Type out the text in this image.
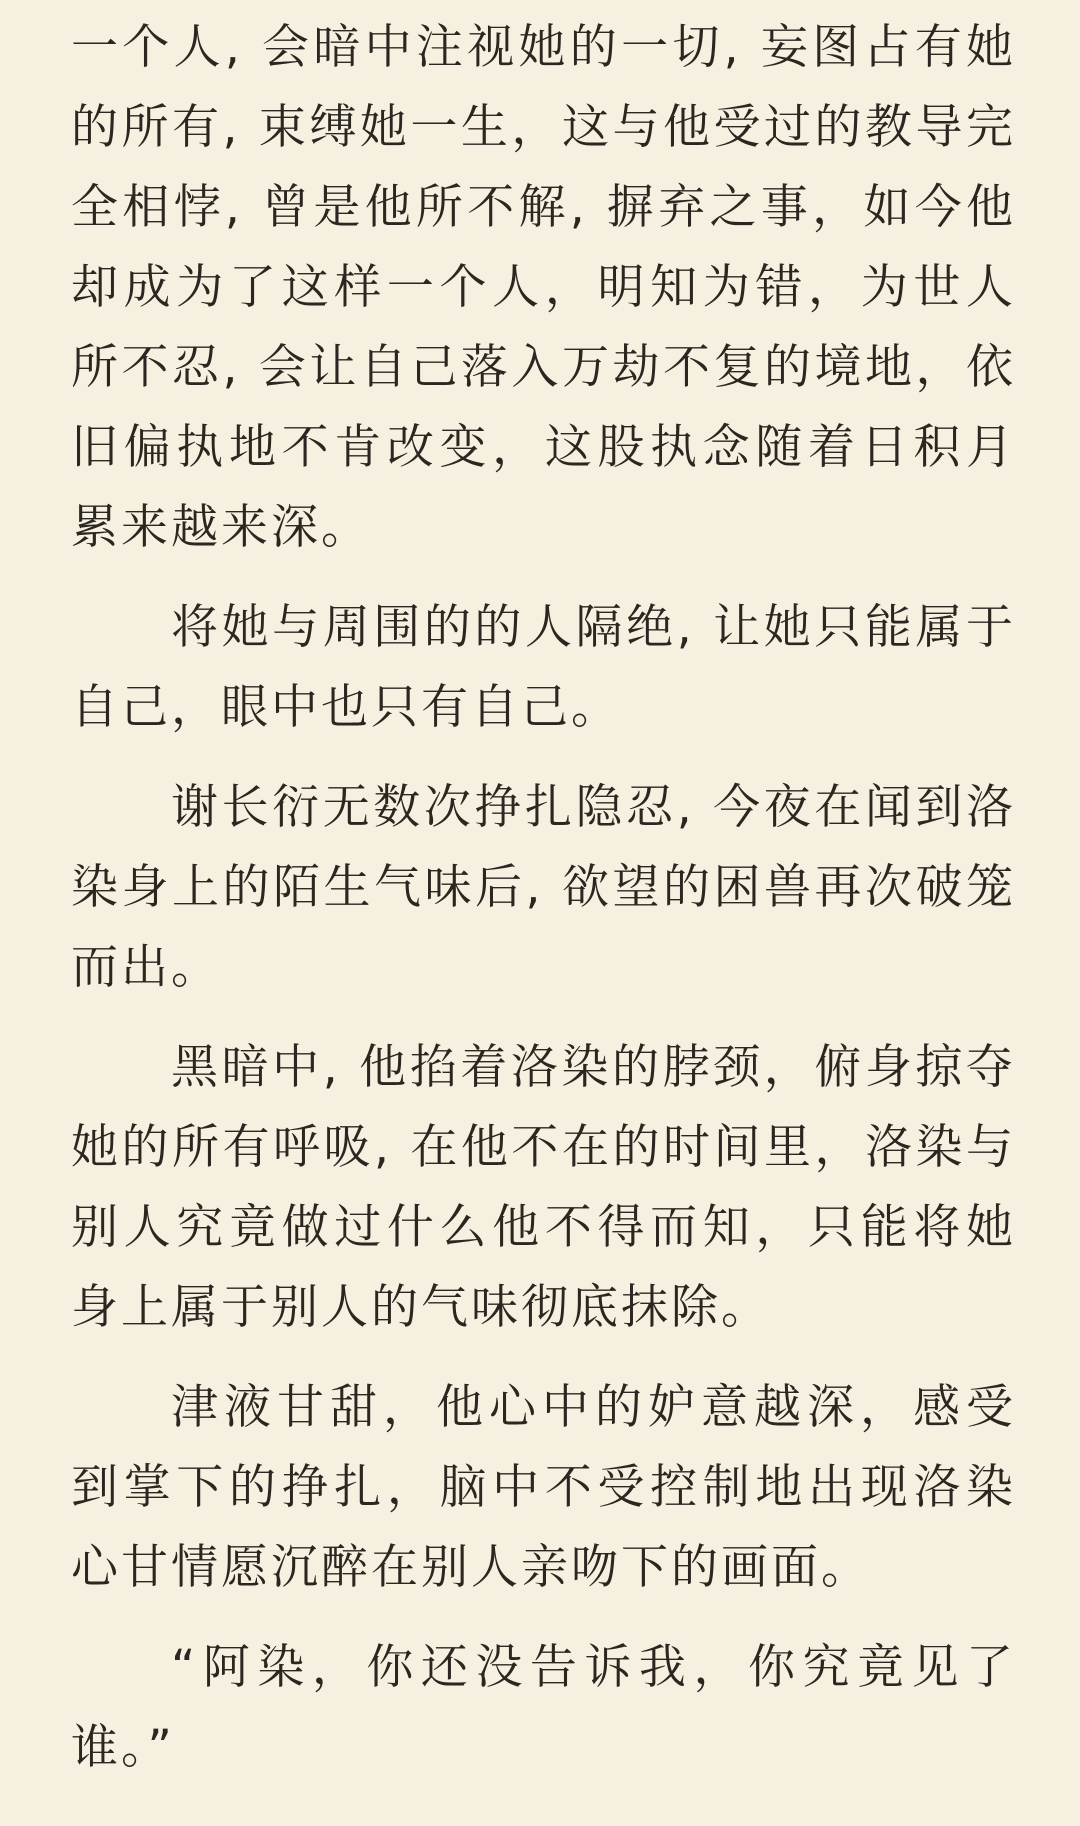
一个人, 会暗中注视她的一切, 妄图占有她的所有, 束缚她一生，这与他受过的教导完全相悖, 曾是他所不解, 摒弃之事，如今他却成为了这样一个人，明知为错，为世人所不忍, 会让自己落入万劫不复的境地，依旧偏执地不肯改变，这股执念随着日积月累来越来深。

将她与周围的的人隔绝, 让她只能属于自己，眼中也只有自己。

谢长衍无数次挣扎隐忍, 今夜在闻到洛染身上的陌生气味后, 欲望的困兽再次破笼而出。

黑暗中, 他掐着洛染的脖颈，俯身掠夺她的所有呼吸, 在他不在的时间里，洛染与别人究竟做过什么他不得而知，只能将她身上属于别人的气味彻底抹除。

津液甘甜，他心中的妒意越深，感受到掌下的挣扎，脑中不受控制地出现洛染心甘情愿沉醉在别人亲吻下的画面。

“阿染，你还没告诉我，你究竟见了谁。”
